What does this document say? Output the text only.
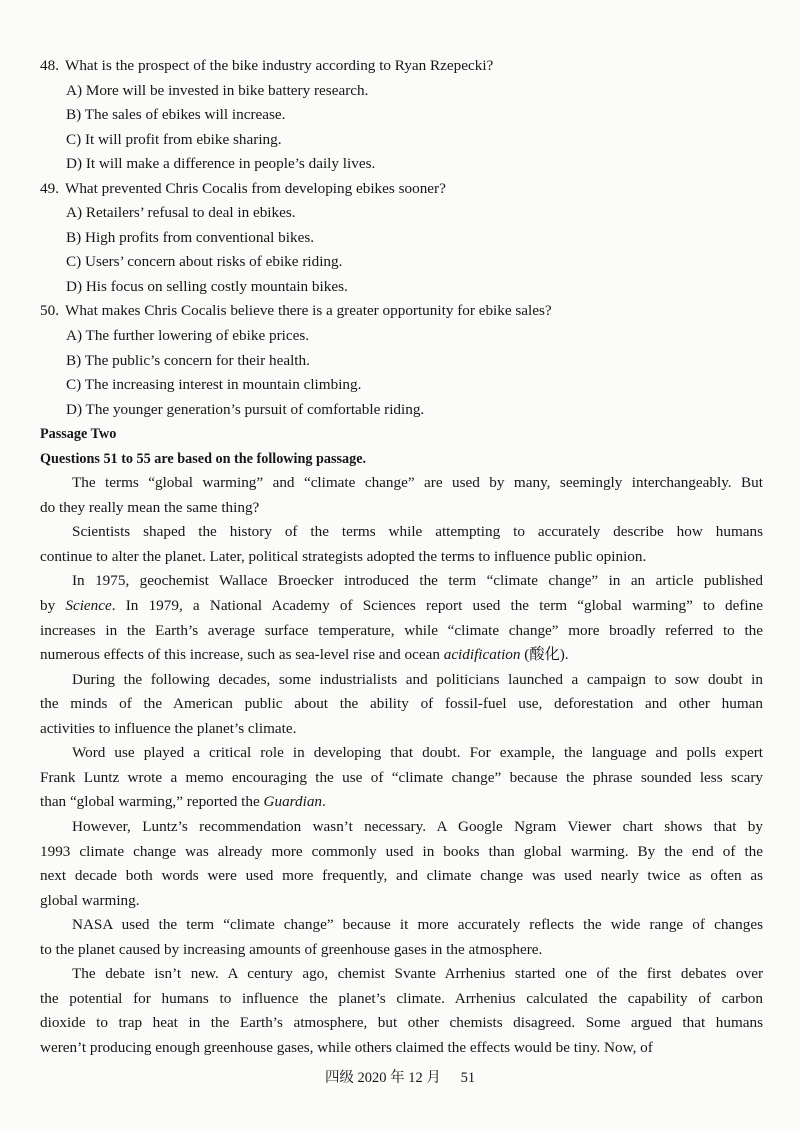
48. What is the prospect of the bike industry according to Ryan Rzepecki?
A) More will be invested in bike battery research.
B) The sales of ebikes will increase.
C) It will profit from ebike sharing.
D) It will make a difference in people’s daily lives.
49. What prevented Chris Cocalis from developing ebikes sooner?
A) Retailers’ refusal to deal in ebikes.
B) High profits from conventional bikes.
C) Users’ concern about risks of ebike riding.
D) His focus on selling costly mountain bikes.
50. What makes Chris Cocalis believe there is a greater opportunity for ebike sales?
A) The further lowering of ebike prices.
B) The public’s concern for their health.
C) The increasing interest in mountain climbing.
D) The younger generation’s pursuit of comfortable riding.
Passage Two
Questions 51 to 55 are based on the following passage.
The terms “global warming” and “climate change” are used by many, seemingly interchangeably. But
do they really mean the same thing?
Scientists shaped the history of the terms while attempting to accurately describe how humans
continue to alter the planet. Later, political strategists adopted the terms to influence public opinion.
In 1975, geochemist Wallace Broecker introduced the term “climate change” in an article published
by Science. In 1979, a National Academy of Sciences report used the term “global warming” to define
increases in the Earth’s average surface temperature, while “climate change” more broadly referred to the
numerous effects of this increase, such as sea-level rise and ocean acidification (酸化).
During the following decades, some industrialists and politicians launched a campaign to sow doubt in
the minds of the American public about the ability of fossil-fuel use, deforestation and other human
activities to influence the planet’s climate.
Word use played a critical role in developing that doubt. For example, the language and polls expert
Frank Luntz wrote a memo encouraging the use of “climate change” because the phrase sounded less scary
than “global warming,” reported the Guardian.
However, Luntz’s recommendation wasn’t necessary. A Google Ngram Viewer chart shows that by
1993 climate change was already more commonly used in books than global warming. By the end of the
next decade both words were used more frequently, and climate change was used nearly twice as often as
global warming.
NASA used the term “climate change” because it more accurately reflects the wide range of changes
to the planet caused by increasing amounts of greenhouse gases in the atmosphere.
The debate isn’t new. A century ago, chemist Svante Arrhenius started one of the first debates over
the potential for humans to influence the planet’s climate. Arrhenius calculated the capability of carbon
dioxide to trap heat in the Earth’s atmosphere, but other chemists disagreed. Some argued that humans
weren’t producing enough greenhouse gases, while others claimed the effects would be tiny. Now, of
四级 2020 年 12 月 51
